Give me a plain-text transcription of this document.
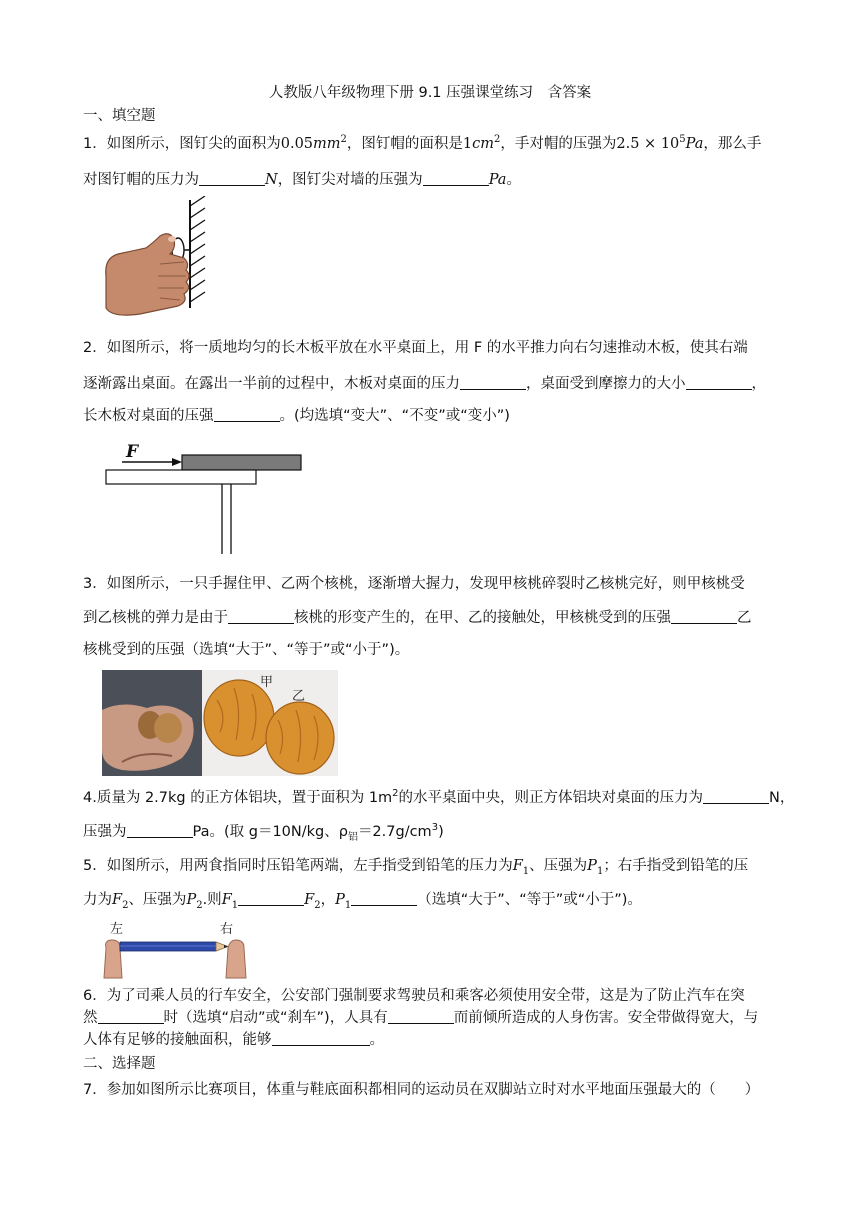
人教版八年级物理下册 9.1 压强课堂练习　含答案
一、填空题
1．如图所示，图钉尖的面积为$0.05mm^2$，图钉帽的面积是$1cm^2$，手对帽的压强为$2.5 \times 10^5Pa$，那么手
对图钉帽的压力为	N，图钉尖对墙的压强为	Pa。
2．如图所示，将一质地均匀的长木板平放在水平桌面上，用 F 的水平推力向右匀速推动木板，使其右端
逐渐露出桌面。在露出一半前的过程中，木板对桌面的压力	，桌面受到摩擦力的大小	，
长木板对桌面的压强	。(均选填“变大”、“不变”或“变小”)
F
3．如图所示，一只手握住甲、乙两个核桃，逐渐增大握力，发现甲核桃碎裂时乙核桃完好，则甲核桃受
到乙核桃的弹力是由于	核桃的形变产生的，在甲、乙的接触处，甲核桃受到的压强	乙
核桃受到的压强（选填“大于”、“等于”或“小于”)。
甲
乙
4.质量为 2.7kg 的正方体铝块，置于面积为 $1m^2$的水平桌面中央，则正方体铝块对桌面的压力为	N，
压强为	Pa。(取 g＝10N/kg、$\rho_铝=2.7g/cm^3$)
5．如图所示，用两食指同时压铅笔两端，左手指受到铅笔的压力为$F_1$、压强为$P_1$；右手指受到铅笔的压
力为$F_2$、压强为$P_2$.则$F_1$	$F_2$，$P_1$	（选填“大于”、“等于”或“小于”)。
左	右
6．为了司乘人员的行车安全，公安部门强制要求驾驶员和乘客必须使用安全带，这是为了防止汽车在突
然	时（选填“启动”或“刹车”)，人具有	而前倾所造成的人身伤害。安全带做得宽大，与
人体有足够的接触面积，能够	。
二、选择题
7．参加如图所示比赛项目，体重与鞋底面积都相同的运动员在双脚站立时对水平地面压强最大的（　　）
